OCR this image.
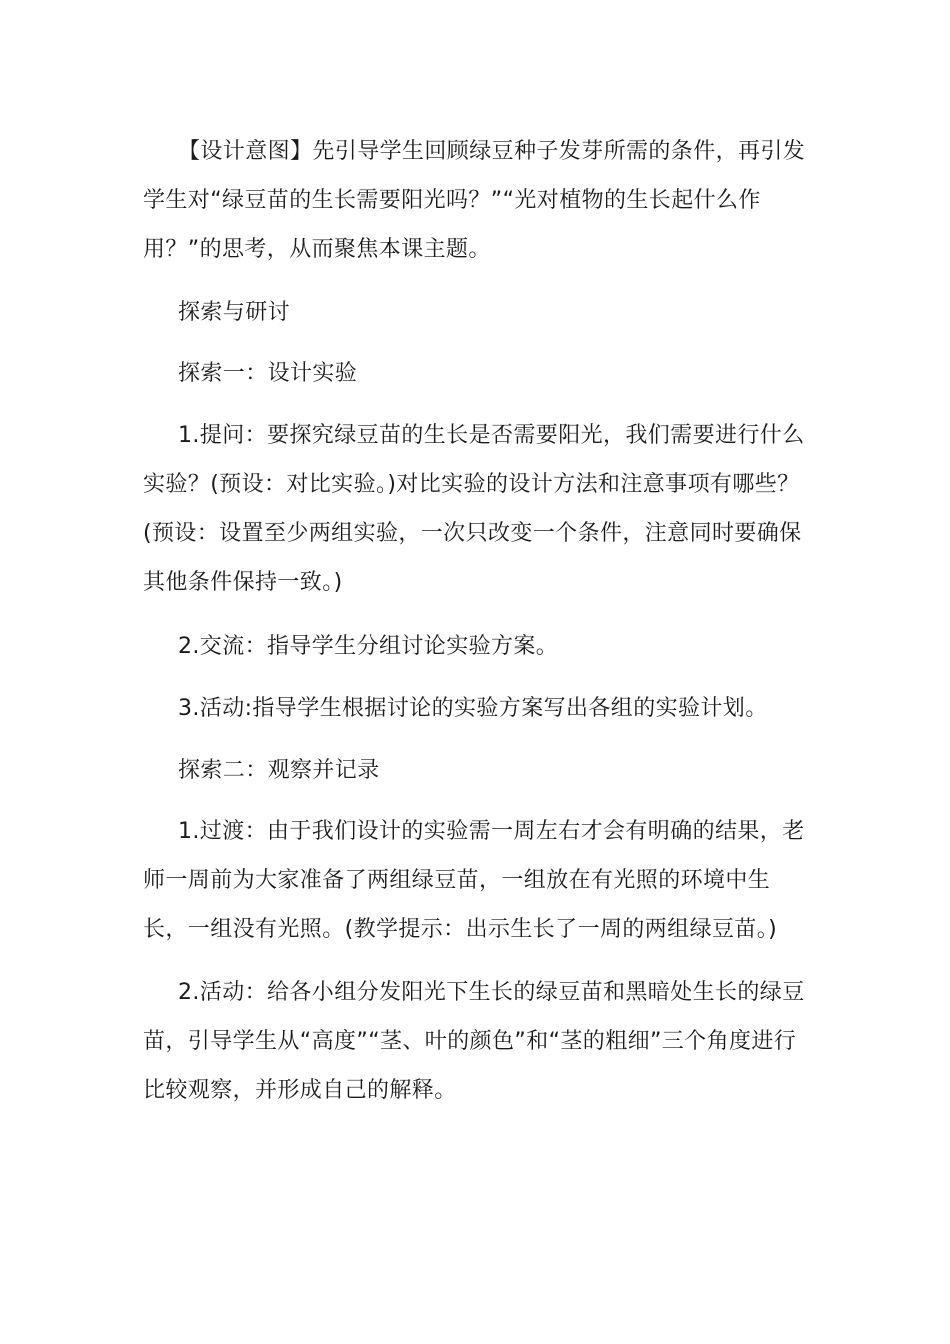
【设计意图】先引导学生回顾绿豆种子发芽所需的条件，再引发学生对“绿豆苗的生长需要阳光吗？”“光对植物的生长起什么作用？”的思考，从而聚焦本课主题。

探索与研讨

探索一：设计实验

1.提问：要探究绿豆苗的生长是否需要阳光，我们需要进行什么实验？(预设：对比实验。)对比实验的设计方法和注意事项有哪些？(预设：设置至少两组实验，一次只改变一个条件，注意同时要确保其他条件保持一致。)

2.交流：指导学生分组讨论实验方案。

3.活动:指导学生根据讨论的实验方案写出各组的实验计划。

探索二：观察并记录

1.过渡：由于我们设计的实验需一周左右才会有明确的结果，老师一周前为大家准备了两组绿豆苗，一组放在有光照的环境中生长，一组没有光照。(教学提示：出示生长了一周的两组绿豆苗。)

2.活动：给各小组分发阳光下生长的绿豆苗和黑暗处生长的绿豆苗，引导学生从“高度”“茎、叶的颜色”和“茎的粗细”三个角度进行比较观察，并形成自己的解释。
